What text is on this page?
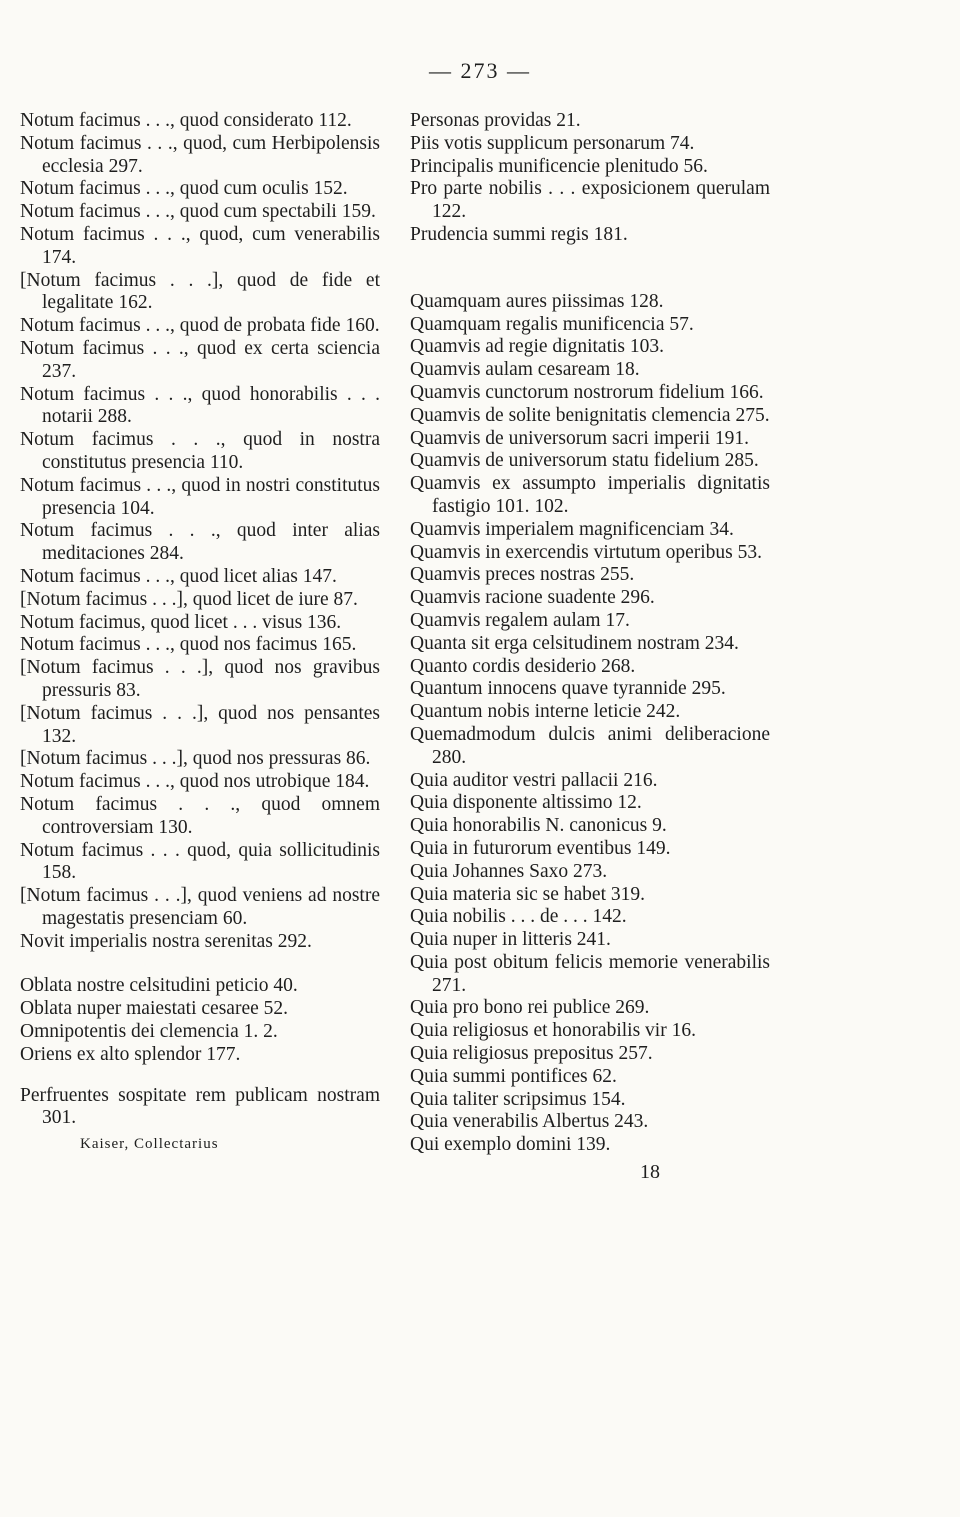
— 273 —
Notum facimus . . ., quod considerato 112.
Notum facimus . . ., quod, cum Herbipolensis ecclesia 297.
Notum facimus . . ., quod cum oculis 152.
Notum facimus . . ., quod cum spectabili 159.
Notum facimus . . ., quod, cum venerabilis 174.
[Notum facimus . . .], quod de fide et legalitate 162.
Notum facimus . . ., quod de probata fide 160.
Notum facimus . . ., quod ex certa sciencia 237.
Notum facimus . . ., quod honorabilis . . . notarii 288.
Notum facimus . . ., quod in nostra constitutus presencia 110.
Notum facimus . . ., quod in nostri constitutus presencia 104.
Notum facimus . . ., quod inter alias meditaciones 284.
Notum facimus . . ., quod licet alias 147.
[Notum facimus . . .], quod licet de iure 87.
Notum facimus, quod licet . . . visus 136.
Notum facimus . . ., quod nos facimus 165.
[Notum facimus . . .], quod nos gravibus pressuris 83.
[Notum facimus . . .], quod nos pensantes 132.
[Notum facimus . . .], quod nos pressuras 86.
Notum facimus . . ., quod nos utrobique 184.
Notum facimus . . ., quod omnem controversiam 130.
Notum facimus . . . quod, quia sollicitudinis 158.
[Notum facimus . . .], quod veniens ad nostre magestatis presenciam 60.
Novit imperialis nostra serenitas 292.
Oblata nostre celsitudini peticio 40.
Oblata nuper maiestati cesaree 52.
Omnipotentis dei clemencia 1. 2.
Oriens ex alto splendor 177.
Perfruentes sospitate rem publicam nostram 301.
Kaiser, Collectarius
Personas providas 21.
Piis votis supplicum personarum 74.
Principalis munificencie plenitudo 56.
Pro parte nobilis . . . exposicionem querulam 122.
Prudencia summi regis 181.
Quamquam aures piissimas 128.
Quamquam regalis munificencia 57.
Quamvis ad regie dignitatis 103.
Quamvis aulam cesaream 18.
Quamvis cunctorum nostrorum fidelium 166.
Quamvis de solite benignitatis clemencia 275.
Quamvis de universorum sacri imperii 191.
Quamvis de universorum statu fidelium 285.
Quamvis ex assumpto imperialis dignitatis fastigio 101. 102.
Quamvis imperialem magnificenciam 34.
Quamvis in exercendis virtutum operibus 53.
Quamvis preces nostras 255.
Quamvis racione suadente 296.
Quamvis regalem aulam 17.
Quanta sit erga celsitudinem nostram 234.
Quanto cordis desiderio 268.
Quantum innocens quave tyrannide 295.
Quantum nobis interne leticie 242.
Quemadmodum dulcis animi deliberacione 280.
Quia auditor vestri pallacii 216.
Quia disponente altissimo 12.
Quia honorabilis N. canonicus 9.
Quia in futurorum eventibus 149.
Quia Johannes Saxo 273.
Quia materia sic se habet 319.
Quia nobilis . . . de . . . 142.
Quia nuper in litteris 241.
Quia post obitum felicis memorie venerabilis 271.
Quia pro bono rei publice 269.
Quia religiosus et honorabilis vir 16.
Quia religiosus prepositus 257.
Quia summi pontifices 62.
Quia taliter scripsimus 154.
Quia venerabilis Albertus 243.
Qui exemplo domini 139.
18
